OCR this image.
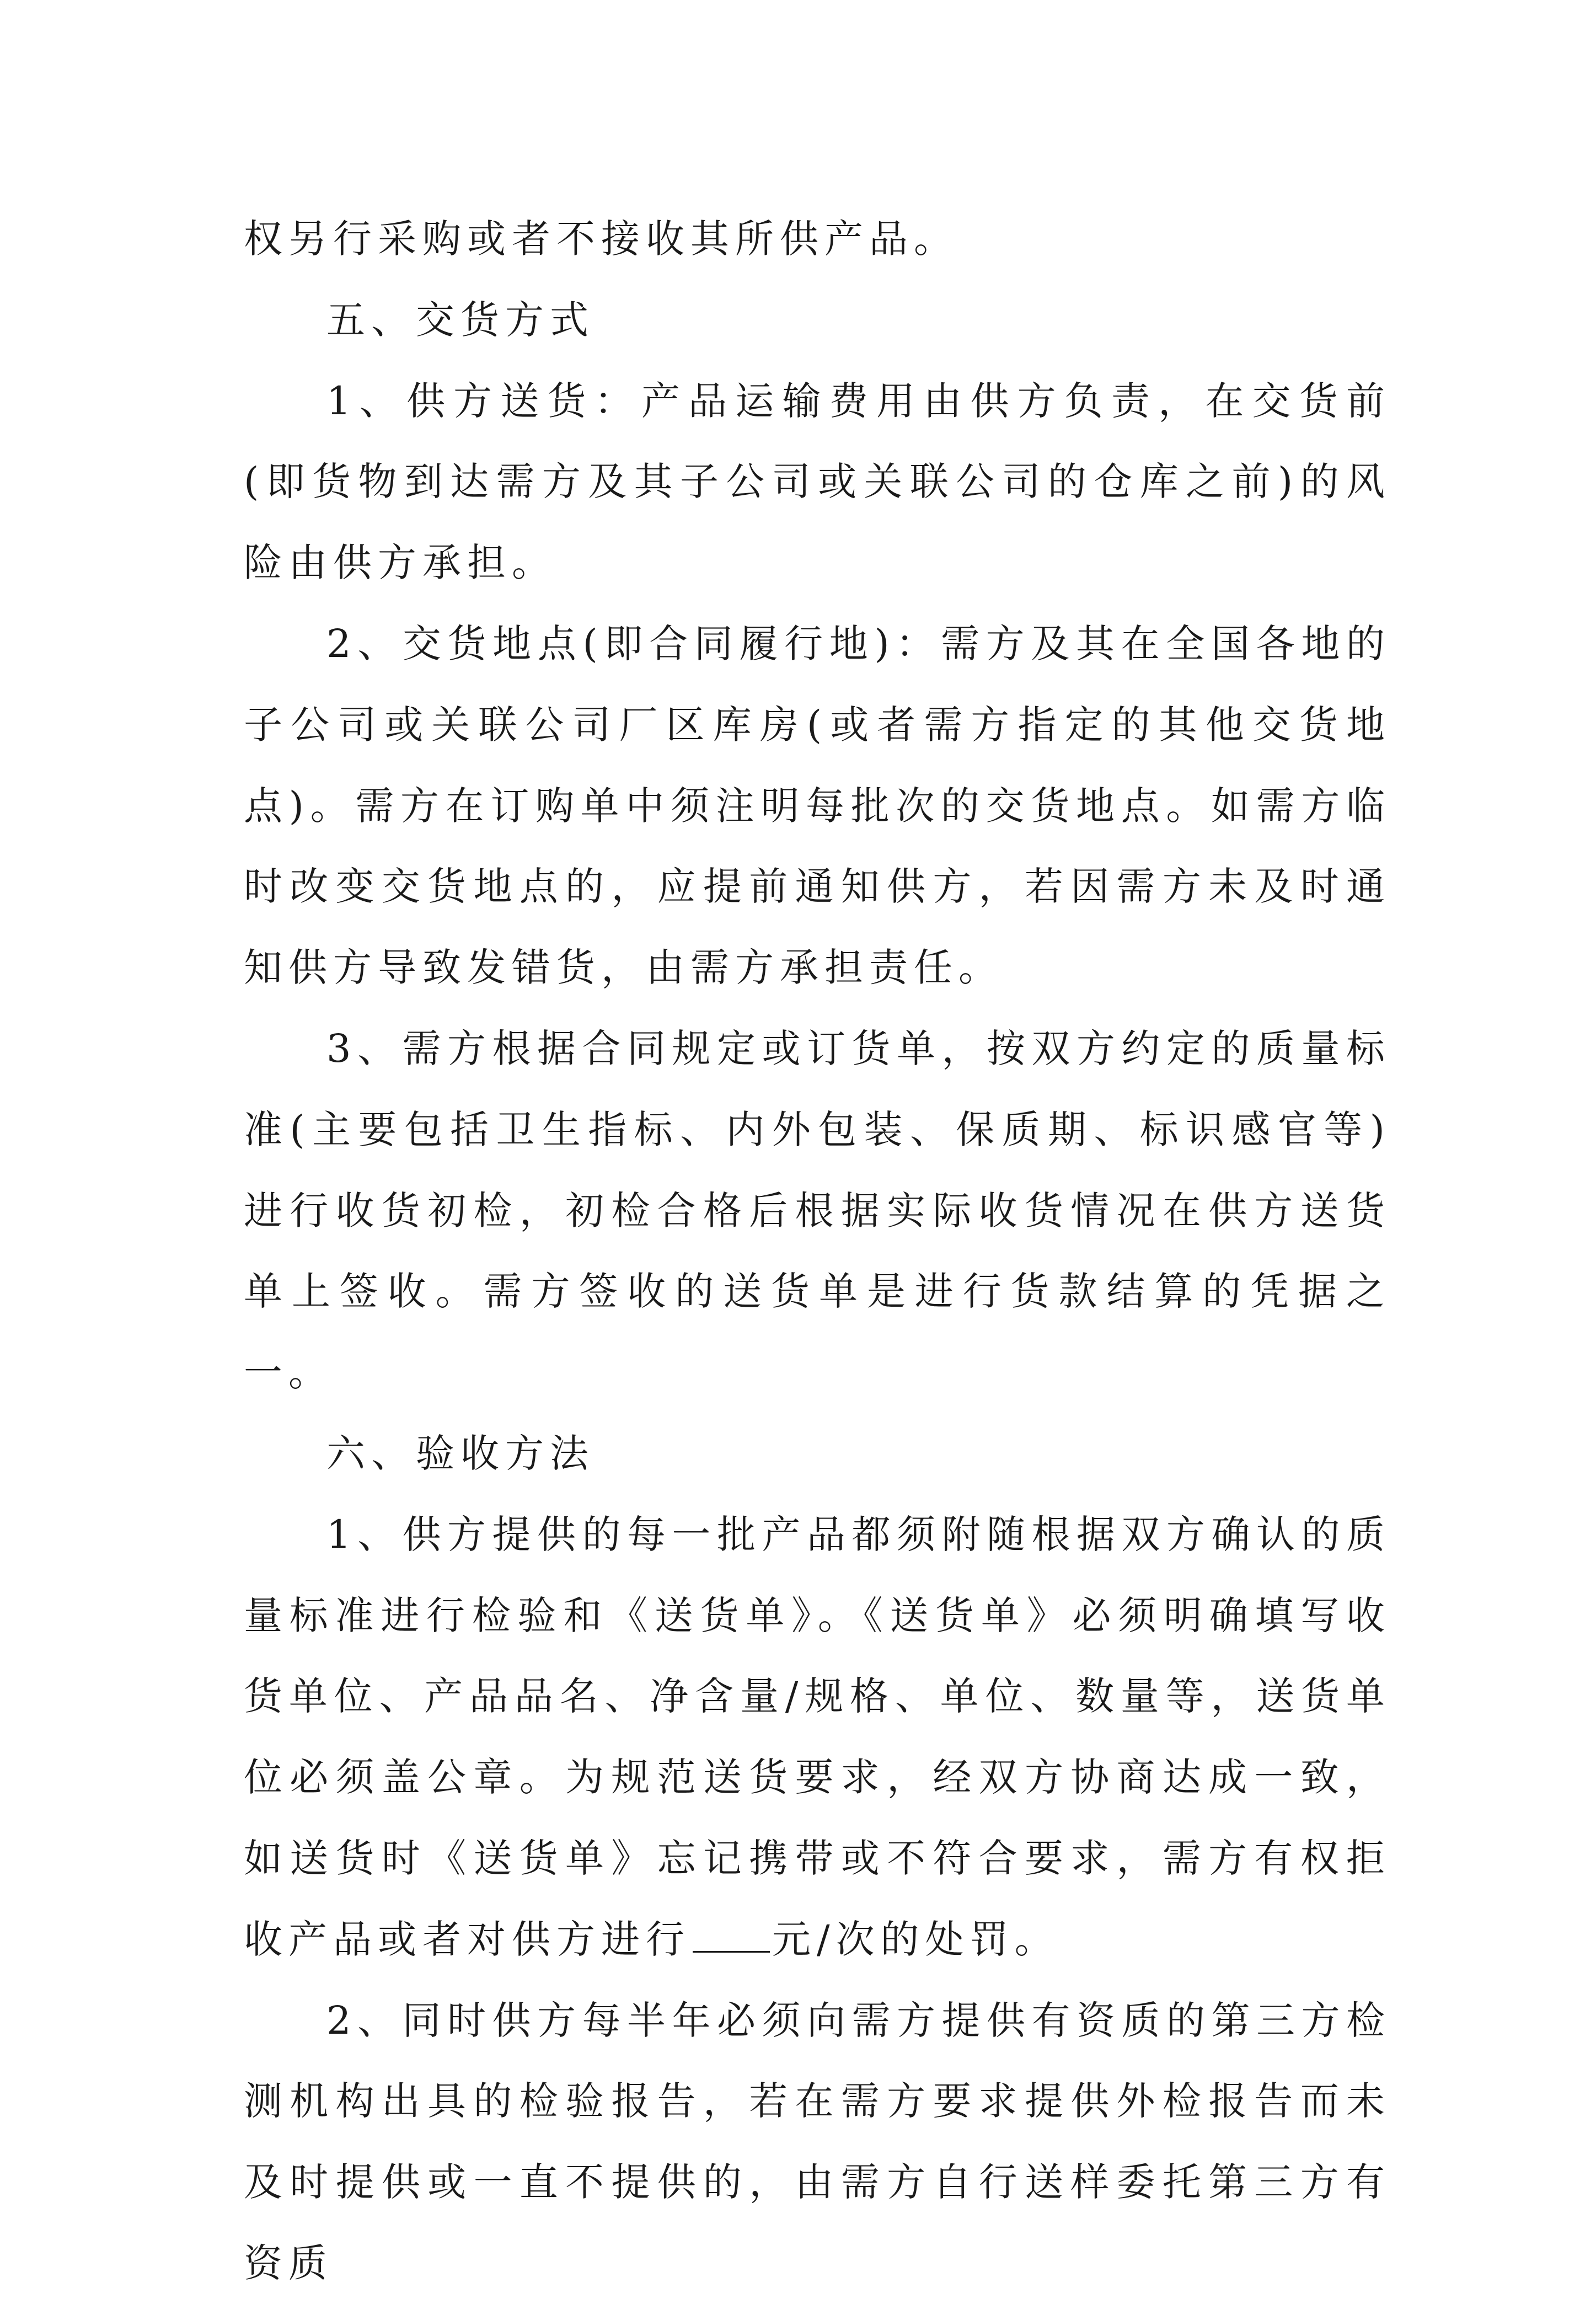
权另行采购或者不接收其所供产品。

五、交货方式

1、供方送货：产品运输费用由供方负责，在交货前(即货物到达需方及其子公司或关联公司的仓库之前)的风险由供方承担。

2、交货地点(即合同履行地)：需方及其在全国各地的子公司或关联公司厂区库房(或者需方指定的其他交货地点)。需方在订购单中须注明每批次的交货地点。如需方临时改变交货地点的，应提前通知供方，若因需方未及时通知供方导致发错货，由需方承担责任。

3、需方根据合同规定或订货单，按双方约定的质量标准(主要包括卫生指标、内外包装、保质期、标识感官等)进行收货初检，初检合格后根据实际收货情况在供方送货单上签收。需方签收的送货单是进行货款结算的凭据之一。

六、验收方法

1、供方提供的每一批产品都须附随根据双方确认的质量标准进行检验和《送货单》。《送货单》必须明确填写收货单位、产品品名、净含量/规格、单位、数量等，送货单位必须盖公章。为规范送货要求，经双方协商达成一致，如送货时《送货单》忘记携带或不符合要求，需方有权拒收产品或者对供方进行 元/次的处罚。

2、同时供方每半年必须向需方提供有资质的第三方检测机构出具的检验报告，若在需方要求提供外检报告而未及时提供或一直不提供的，由需方自行送样委托第三方有资质
